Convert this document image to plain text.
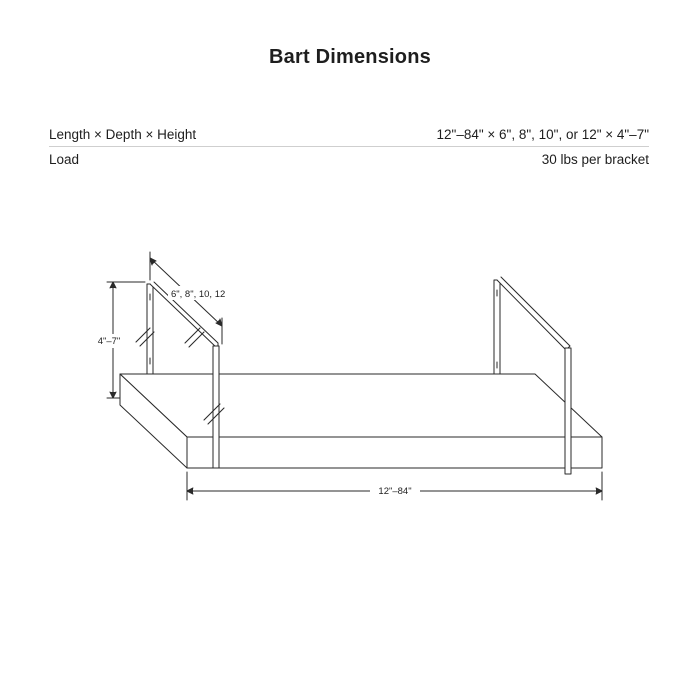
Bart Dimensions
Length × Depth × Height	12"–84" × 6", 8", 10", or 12" × 4"–7"
Load	30 lbs per bracket
4"–7"
6", 8", 10, 12
12"–84"
